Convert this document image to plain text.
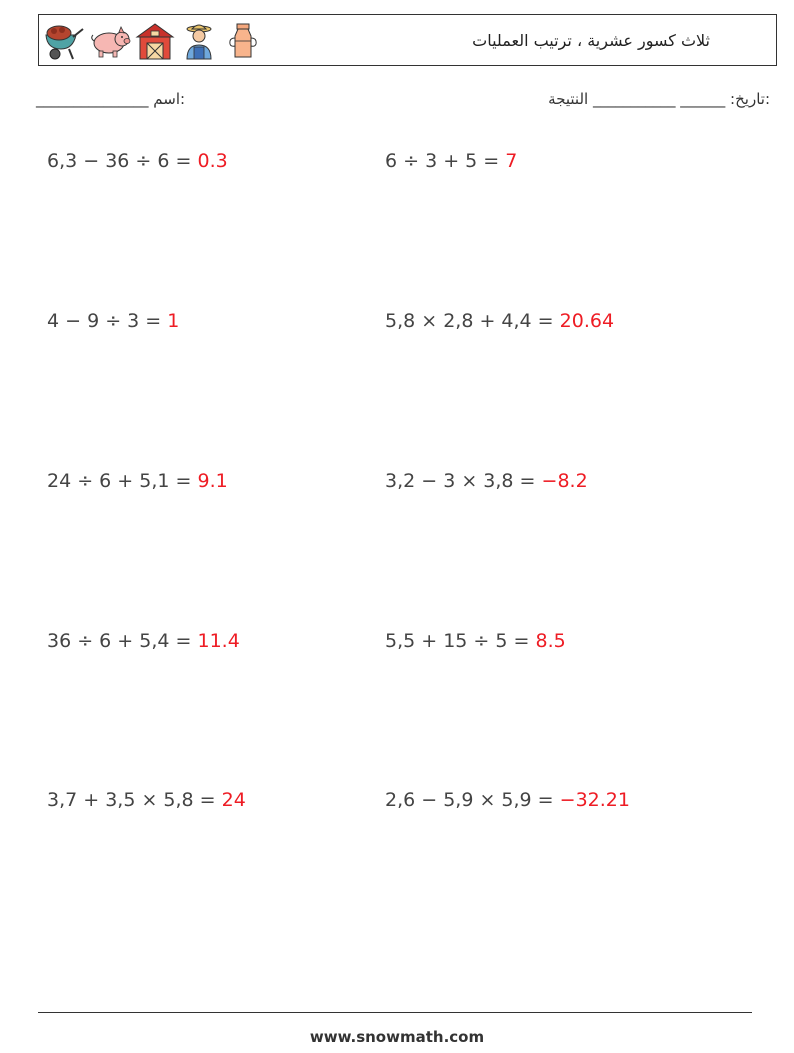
ثلاث كسور عشرية ، ترتيب العمليات
:اسم _______________	:تاريخ: ______ ___________ النتيجة
6,3 − 36 ÷ 6 = 0.3	6 ÷ 3 + 5 = 7
4 − 9 ÷ 3 = 1	5,8 × 2,8 + 4,4 = 20.64
24 ÷ 6 + 5,1 = 9.1	3,2 − 3 × 3,8 = −8.2
36 ÷ 6 + 5,4 = 11.4	5,5 + 15 ÷ 5 = 8.5
3,7 + 3,5 × 5,8 = 24	2,6 − 5,9 × 5,9 = −32.21
www.snowmath.com
